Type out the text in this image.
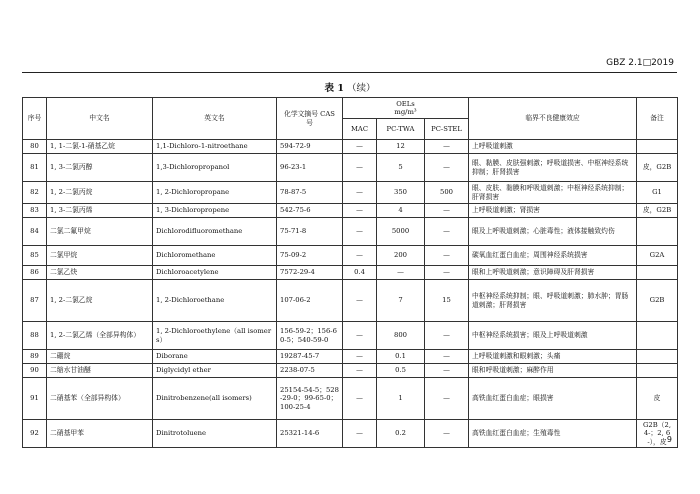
GBZ 2.1□2019
表 1 （续）
序号	中文名	英文名	化学文摘号 CAS 号	OELs
mg/m³			临界不良健康效应	备注
				MAC	PC-TWA	PC-STEL		
80	1, 1-二氯-1-硝基乙烷	1,1-Dichloro-1-nitroethane	594-72-9	—	12	—	上呼吸道刺激	
81	1, 3-二氯丙醇	1,3-Dichloropropanol	96-23-1	—	5	—	眼、黏膜、皮肤强刺激；呼吸道损害、中枢神经系统抑制；肝肾损害	皮，G2B
82	1, 2-二氯丙烷	1, 2-Dichloropropane	78-87-5	—	350	500	眼、皮肤、黏膜和呼吸道刺激；中枢神经系统抑制；肝肾损害	G1
83	1, 3-二氯丙烯	1, 3-Dichloropropene	542-75-6	—	4	—	上呼吸道刺激；肾损害	皮，G2B
84	二氯二氟甲烷	Dichlorodifluoromethane	75-71-8	—	5000	—	眼及上呼吸道刺激；心脏毒性；液体接触致灼伤	
85	二氯甲烷	Dichloromethane	75-09-2	—	200	—	碳氧血红蛋白血症；周围神经系统损害	G2A
86	二氯乙炔	Dichloroacetylene	7572-29-4	0.4	—	—	眼和上呼吸道刺激；意识障碍及肝肾损害	
87	1, 2-二氯乙烷	1, 2-Dichloroethane	107-06-2	—	7	15	中枢神经系统抑制；眼、呼吸道刺激；肺水肿；胃肠道刺激；肝肾损害	G2B
88	1, 2-二氯乙烯（全部异构体）	1, 2-Dichloroethylene（all isomers）	156-59-2；156-60-5；540-59-0	—	800	—	中枢神经系统损害；眼及上呼吸道刺激	
89	二硼烷	Diborane	19287-45-7	—	0.1	—	上呼吸道刺激和眼刺激；头痛	
90	二缩水甘油醚	Diglycidyl ether	2238-07-5	—	0.5	—	眼和呼吸道刺激；麻醉作用	
91	二硝基苯（全部异构体）	Dinitrobenzene(all isomers)	25154-54-5；528-29-0；99-65-0；100-25-4	—	1	—	高铁血红蛋白血症；眼损害	皮
92	二硝基甲苯	Dinitrotoluene	25321-14-6	—	0.2	—	高铁血红蛋白血症；生殖毒性	G2B（2, 4-；2, 6-），皮 9
